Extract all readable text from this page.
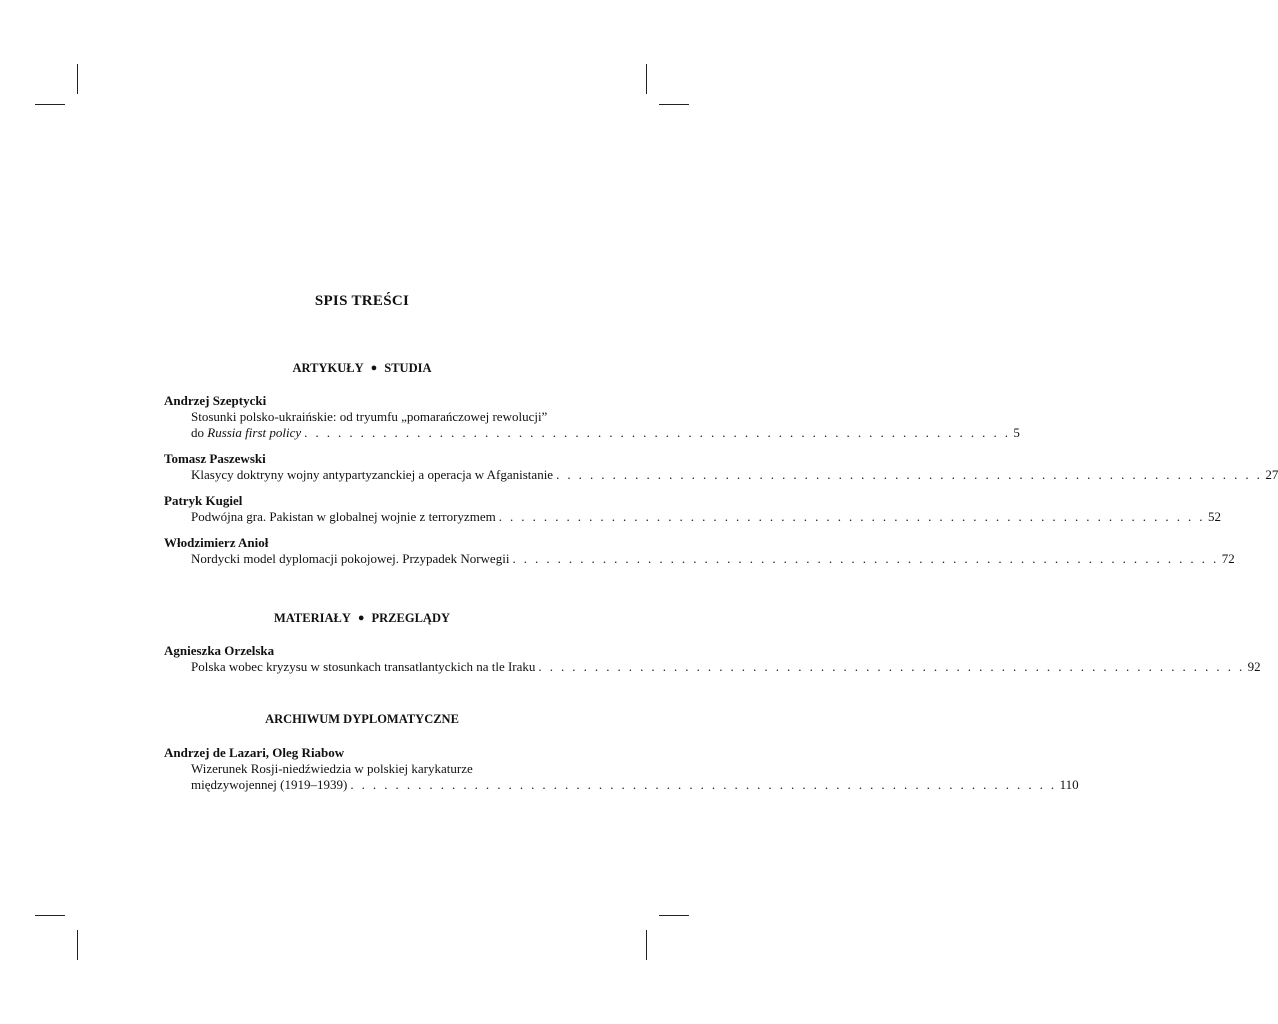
SPIS TREŚCI
ARTYKUŁY ● STUDIA
Andrzej Szeptycki
Stosunki polsko-ukraińskie: od tryumfu „pomarańczowej rewolucji”
do Russia first policy . . . . . . . . . . . . . . . . . . . . . . . . . . . . . . . . . . . . . . . . . . . . . . . . . . . . . . . . . . . . . . . 5
Tomasz Paszewski
Klasycy doktryny wojny antypartyzanckiej a operacja w Afganistanie . . . . . . . . . . . . . . . . . . . . . . . . . . . . . . . . . . . . . . . . . . . . . . . . . . . . . . . . . . . . . . . 27
Patryk Kugiel
Podwójna gra. Pakistan w globalnej wojnie z terroryzmem . . . . . . . . . . . . . . . . . . . . . . . . . . . . . . . . . . . . . . . . . . . . . . . . . . . . . . . . . . . . . . . 52
Włodzimierz Anioł
Nordycki model dyplomacji pokojowej. Przypadek Norwegii . . . . . . . . . . . . . . . . . . . . . . . . . . . . . . . . . . . . . . . . . . . . . . . . . . . . . . . . . . . . . . . 72
MATERIAŁY ● PRZEGLĄDY
Agnieszka Orzelska
Polska wobec kryzysu w stosunkach transatlantyckich na tle Iraku . . . . . . . . . . . . . . . . . . . . . . . . . . . . . . . . . . . . . . . . . . . . . . . . . . . . . . . . . . . . . . . 92
ARCHIWUM DYPLOMATYCZNE
Andrzej de Lazari, Oleg Riabow
Wizerunek Rosji-niedźwiedzia w polskiej karykaturze
międzywojennej (1919–1939) . . . . . . . . . . . . . . . . . . . . . . . . . . . . . . . . . . . . . . . . . . . . . . . . . . . . . . . . . . . . . . . 110
